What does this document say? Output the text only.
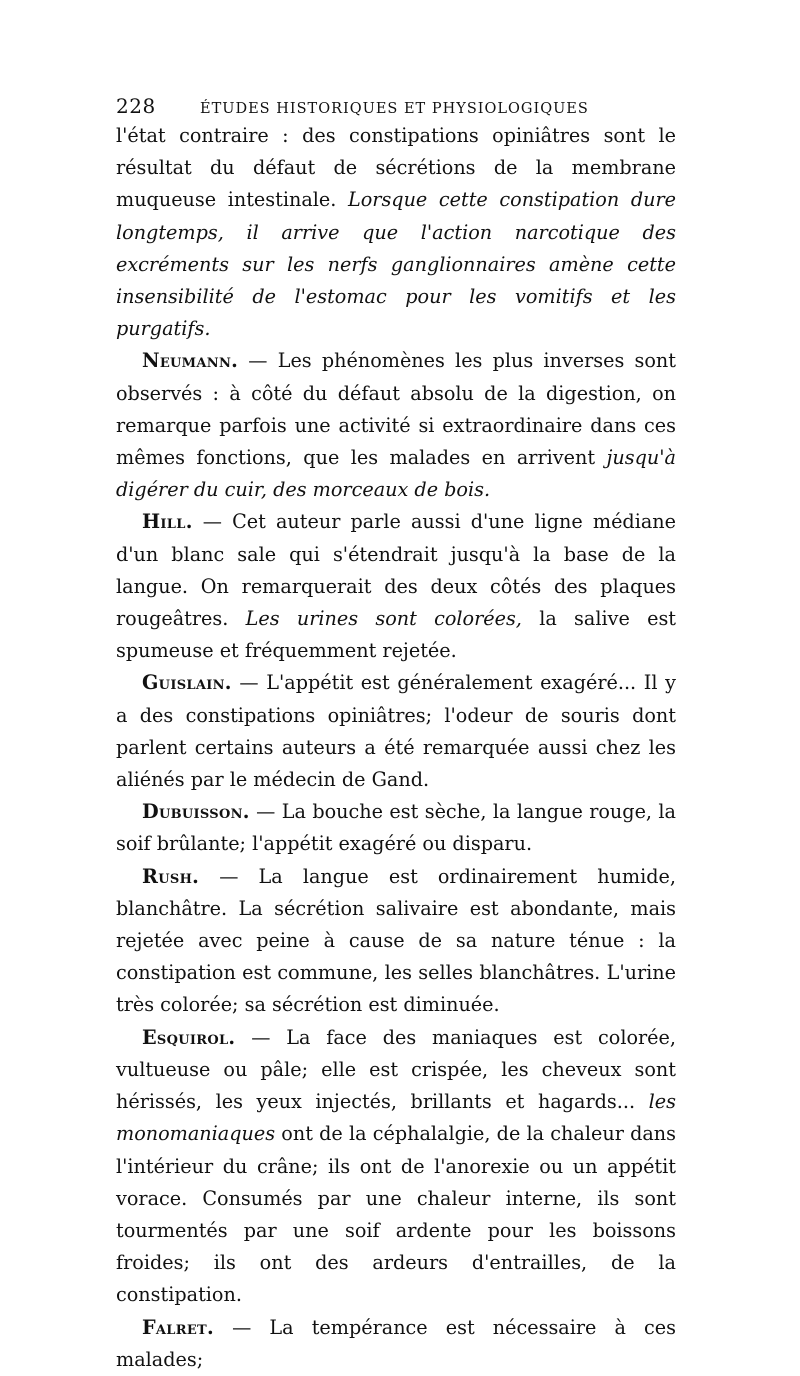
228	ÉTUDES HISTORIQUES ET PHYSIOLOGIQUES

l'état contraire : des constipations opiniâtres sont le résultat du défaut de sécrétions de la membrane muqueuse intestinale. Lorsque cette constipation dure longtemps, il arrive que l'action narcotique des excréments sur les nerfs ganglionnaires amène cette insensibilité de l'estomac pour les vomitifs et les purgatifs.

Neumann. — Les phénomènes les plus inverses sont observés : à côté du défaut absolu de la digestion, on remarque parfois une activité si extraordinaire dans ces mêmes fonctions, que les malades en arrivent jusqu'à digérer du cuir, des morceaux de bois.

Hill. — Cet auteur parle aussi d'une ligne médiane d'un blanc sale qui s'étendrait jusqu'à la base de la langue. On remarquerait des deux côtés des plaques rougeâtres. Les urines sont colorées, la salive est spumeuse et fréquemment rejetée.

Guislain. — L'appétit est généralement exagéré... Il y a des constipations opiniâtres; l'odeur de souris dont parlent certains auteurs a été remarquée aussi chez les aliénés par le médecin de Gand.

Dubuisson. — La bouche est sèche, la langue rouge, la soif brûlante; l'appétit exagéré ou disparu.

Rush. — La langue est ordinairement humide, blanchâtre. La sécrétion salivaire est abondante, mais rejetée avec peine à cause de sa nature ténue : la constipation est commune, les selles blanchâtres. L'urine très colorée; sa sécrétion est diminuée.

Esquirol. — La face des maniaques est colorée, vultueuse ou pâle; elle est crispée, les cheveux sont hérissés, les yeux injectés, brillants et hagards... les monomaniaques ont de la céphalalgie, de la chaleur dans l'intérieur du crâne; ils ont de l'anorexie ou un appétit vorace. Consumés par une chaleur interne, ils sont tourmentés par une soif ardente pour les boissons froides; ils ont des ardeurs d'entrailles, de la constipation.

Falret. — La tempérance est nécessaire à ces malades;
